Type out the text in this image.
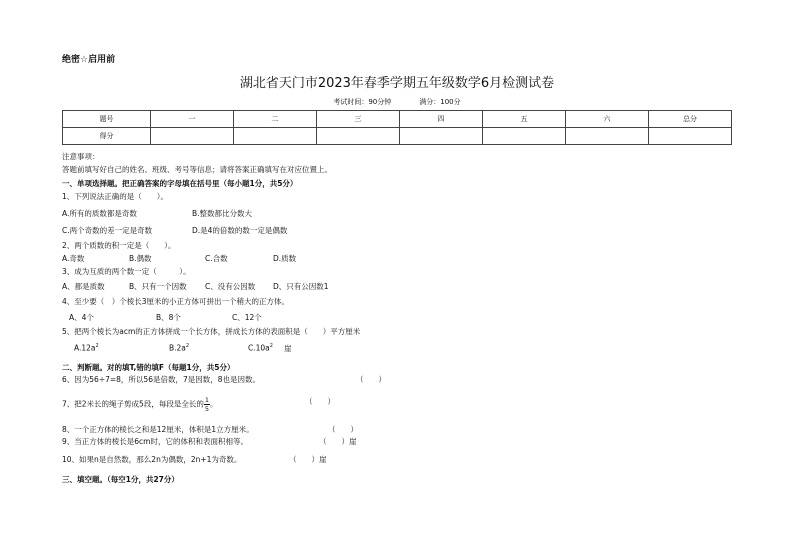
绝密☆启用前
湖北省天门市2023年春季学期五年级数学6月检测试卷
考试时间：90分钟	满分：100分
题号	一	二	三	四	五	六	总分
得分							
注意事项：
答题前填写好自己的姓名、班级、考号等信息；请将答案正确填写在对应位置上。
一、单项选择题。把正确答案的字母填在括号里（每小题1分，共5分）
1、下列说法正确的是（　　）。
A.所有的质数都是奇数	B.整数都比分数大
C.两个奇数的差一定是奇数	D.是4的倍数的数一定是偶数
2、两个质数的积一定是（　　）。
A.奇数	B.偶数	C.合数	D.质数
3、成为互质的两个数一定（　　　）。
A、都是质数	B、只有一个因数 C、没有公因数 D、只有公因数1
4、至少要（　）个棱长3厘米的小正方体可拼出一个稍大的正方体。
A、4个	B、8个	C、12个
5、把两个棱长为acm的正方体拼成一个长方体，拼成长方体的表面积是（　　）平方厘米
$A.12a^2$	$B.2a^2$	$C.10a^2$ 崖
二、判断题。对的填T,错的填F（每题1分，共5分）
6、因为56÷7=8，所以56是倍数，7是因数，8也是因数。	（　　）
7、把2米长的绳子剪成5段，每段是全长的 $\frac{1}{5}$ 。	（　　）
8、一个正方体的棱长之和是12厘米，体积是1立方厘米。	（　　）
9、当正方体的棱长是6cm时，它的体积和表面积相等。	（　　）崖
10、如果n是自然数，那么2n为偶数，2n+1为奇数。	（　　）崖
三、填空题。（每空1分，共27分）
